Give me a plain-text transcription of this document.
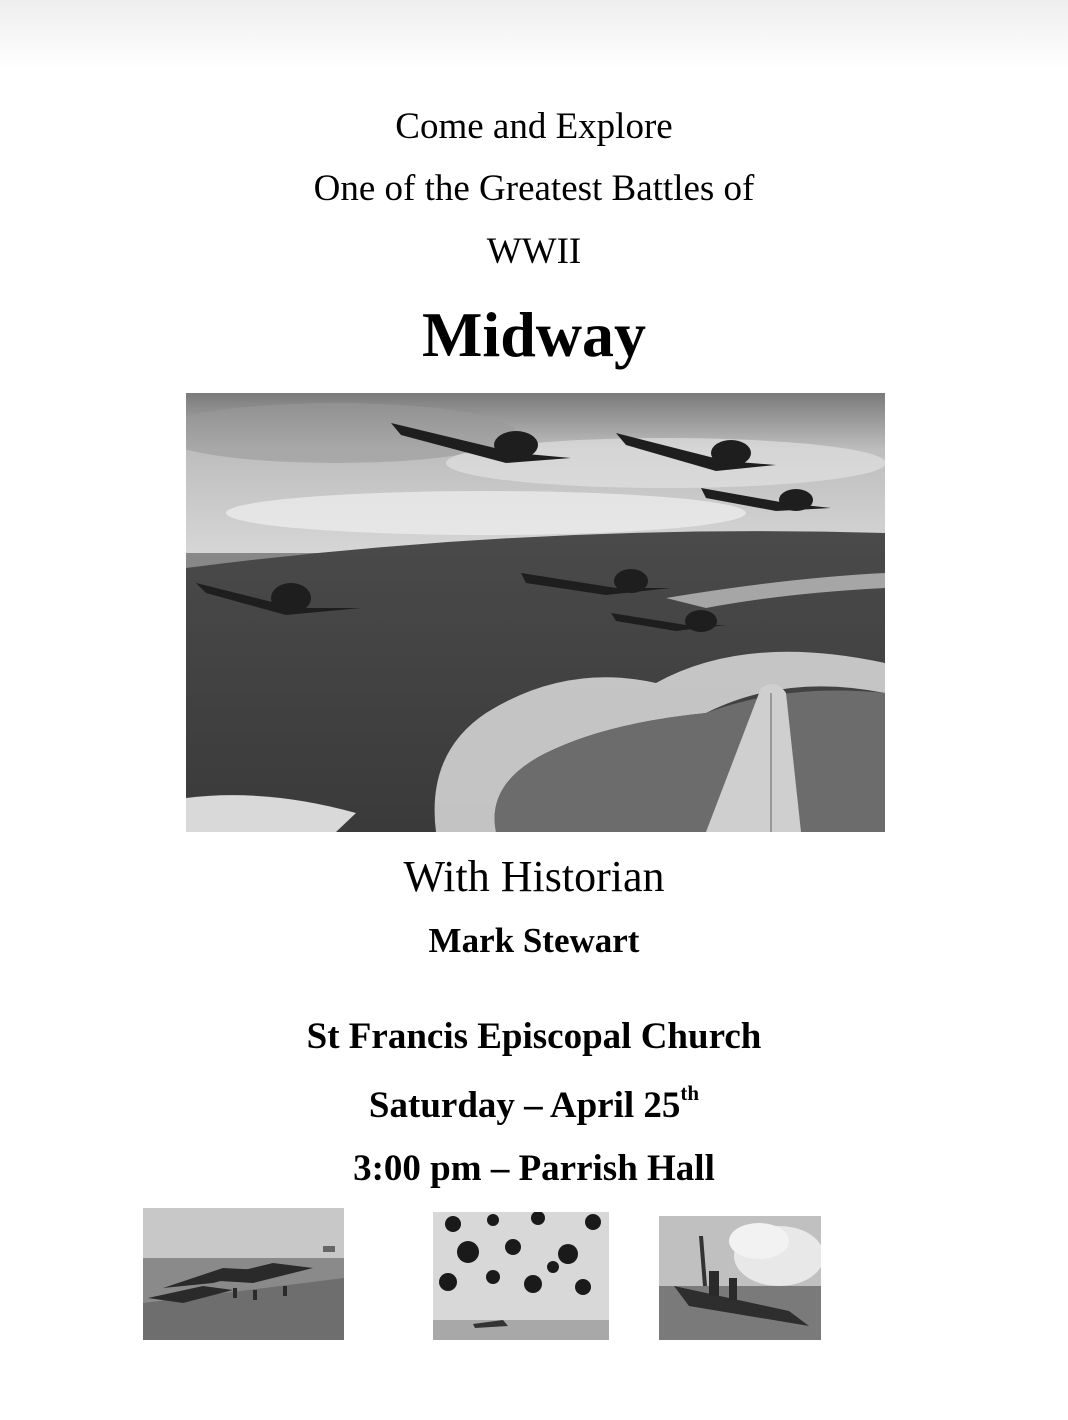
Come and Explore
One of the Greatest Battles of
WWII
Midway
With Historian
Mark Stewart
St Francis Episcopal Church
Saturday – April 25th
3:00 pm – Parrish Hall
